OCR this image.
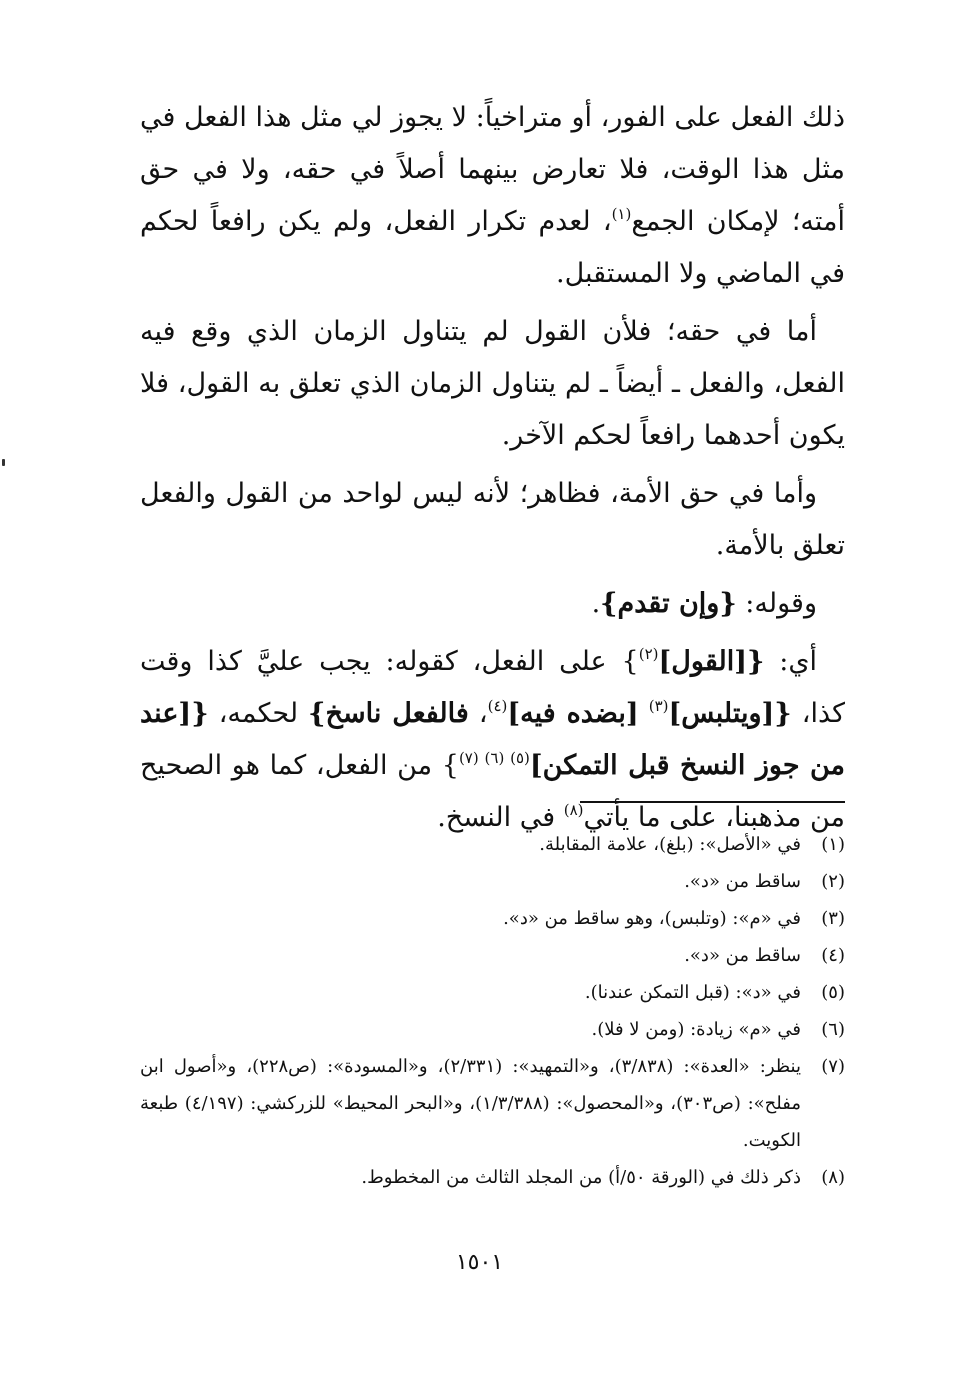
ذلك الفعل على الفور، أو متراخياً: لا يجوز لي مثل هذا الفعل في مثل هذا الوقت، فلا تعارض بينهما أصلاً في حقه، ولا في حق أمته؛ لإمكان الجمع$^{(١)}$، لعدم تكرار الفعل، ولم يكن رافعاً لحكم في الماضي ولا المستقبل.

أما في حقه؛ فلأن القول لم يتناول الزمان الذي وقع فيه الفعل، والفعل ـ أيضاً ـ لم يتناول الزمان الذي تعلق به القول، فلا يكون أحدهما رافعاً لحكم الآخر.

وأما في حق الأمة، فظاهر؛ لأنه ليس لواحد من القول والفعل تعلق بالأمة.

وقوله: {وإن تقدم}.

أي: {[القول]$^{(٢)}$} على الفعل، كقوله: يجب عليَّ كذا وقت كذا، {[ويتلبس]$^{(٣)}$ [بضده فيه]$^{(٤)}$، فالفعل ناسخ} لحكمه، {[عند من جوز النسخ قبل التمكن]$^{(٥) (٦) (٧)}$} من الفعل، كما هو الصحيح من مذهبنا، على ما يأتي$^{(٨)}$ في النسخ.

(١)
في «الأصل»: (بلغ)، علامة المقابلة.
(٢)
ساقط من «د».
(٣)
في «م»: (وتلبس)، وهو ساقط من «د».
(٤)
ساقط من «د».
(٥)
في «د»: (قبل التمكن عندنا).
(٦)
في «م» زيادة: (ومن لا فلا).
(٧)
ينظر: «العدة»: (٣/٨٣٨)، و«التمهيد»: (٢/٣٣١)، و«المسودة»: (ص٢٢٨)، و«أصول ابن مفلح»: (ص٣٠٣)، و«المحصول»: (١/٣/٣٨٨)، و«البحر المحيط» للزركشي: (٤/١٩٧) طبعة الكويت.
(٨)
ذكر ذلك في (الورقة ٥٠/أ) من المجلد الثالث من المخطوط.
١٥٠١
